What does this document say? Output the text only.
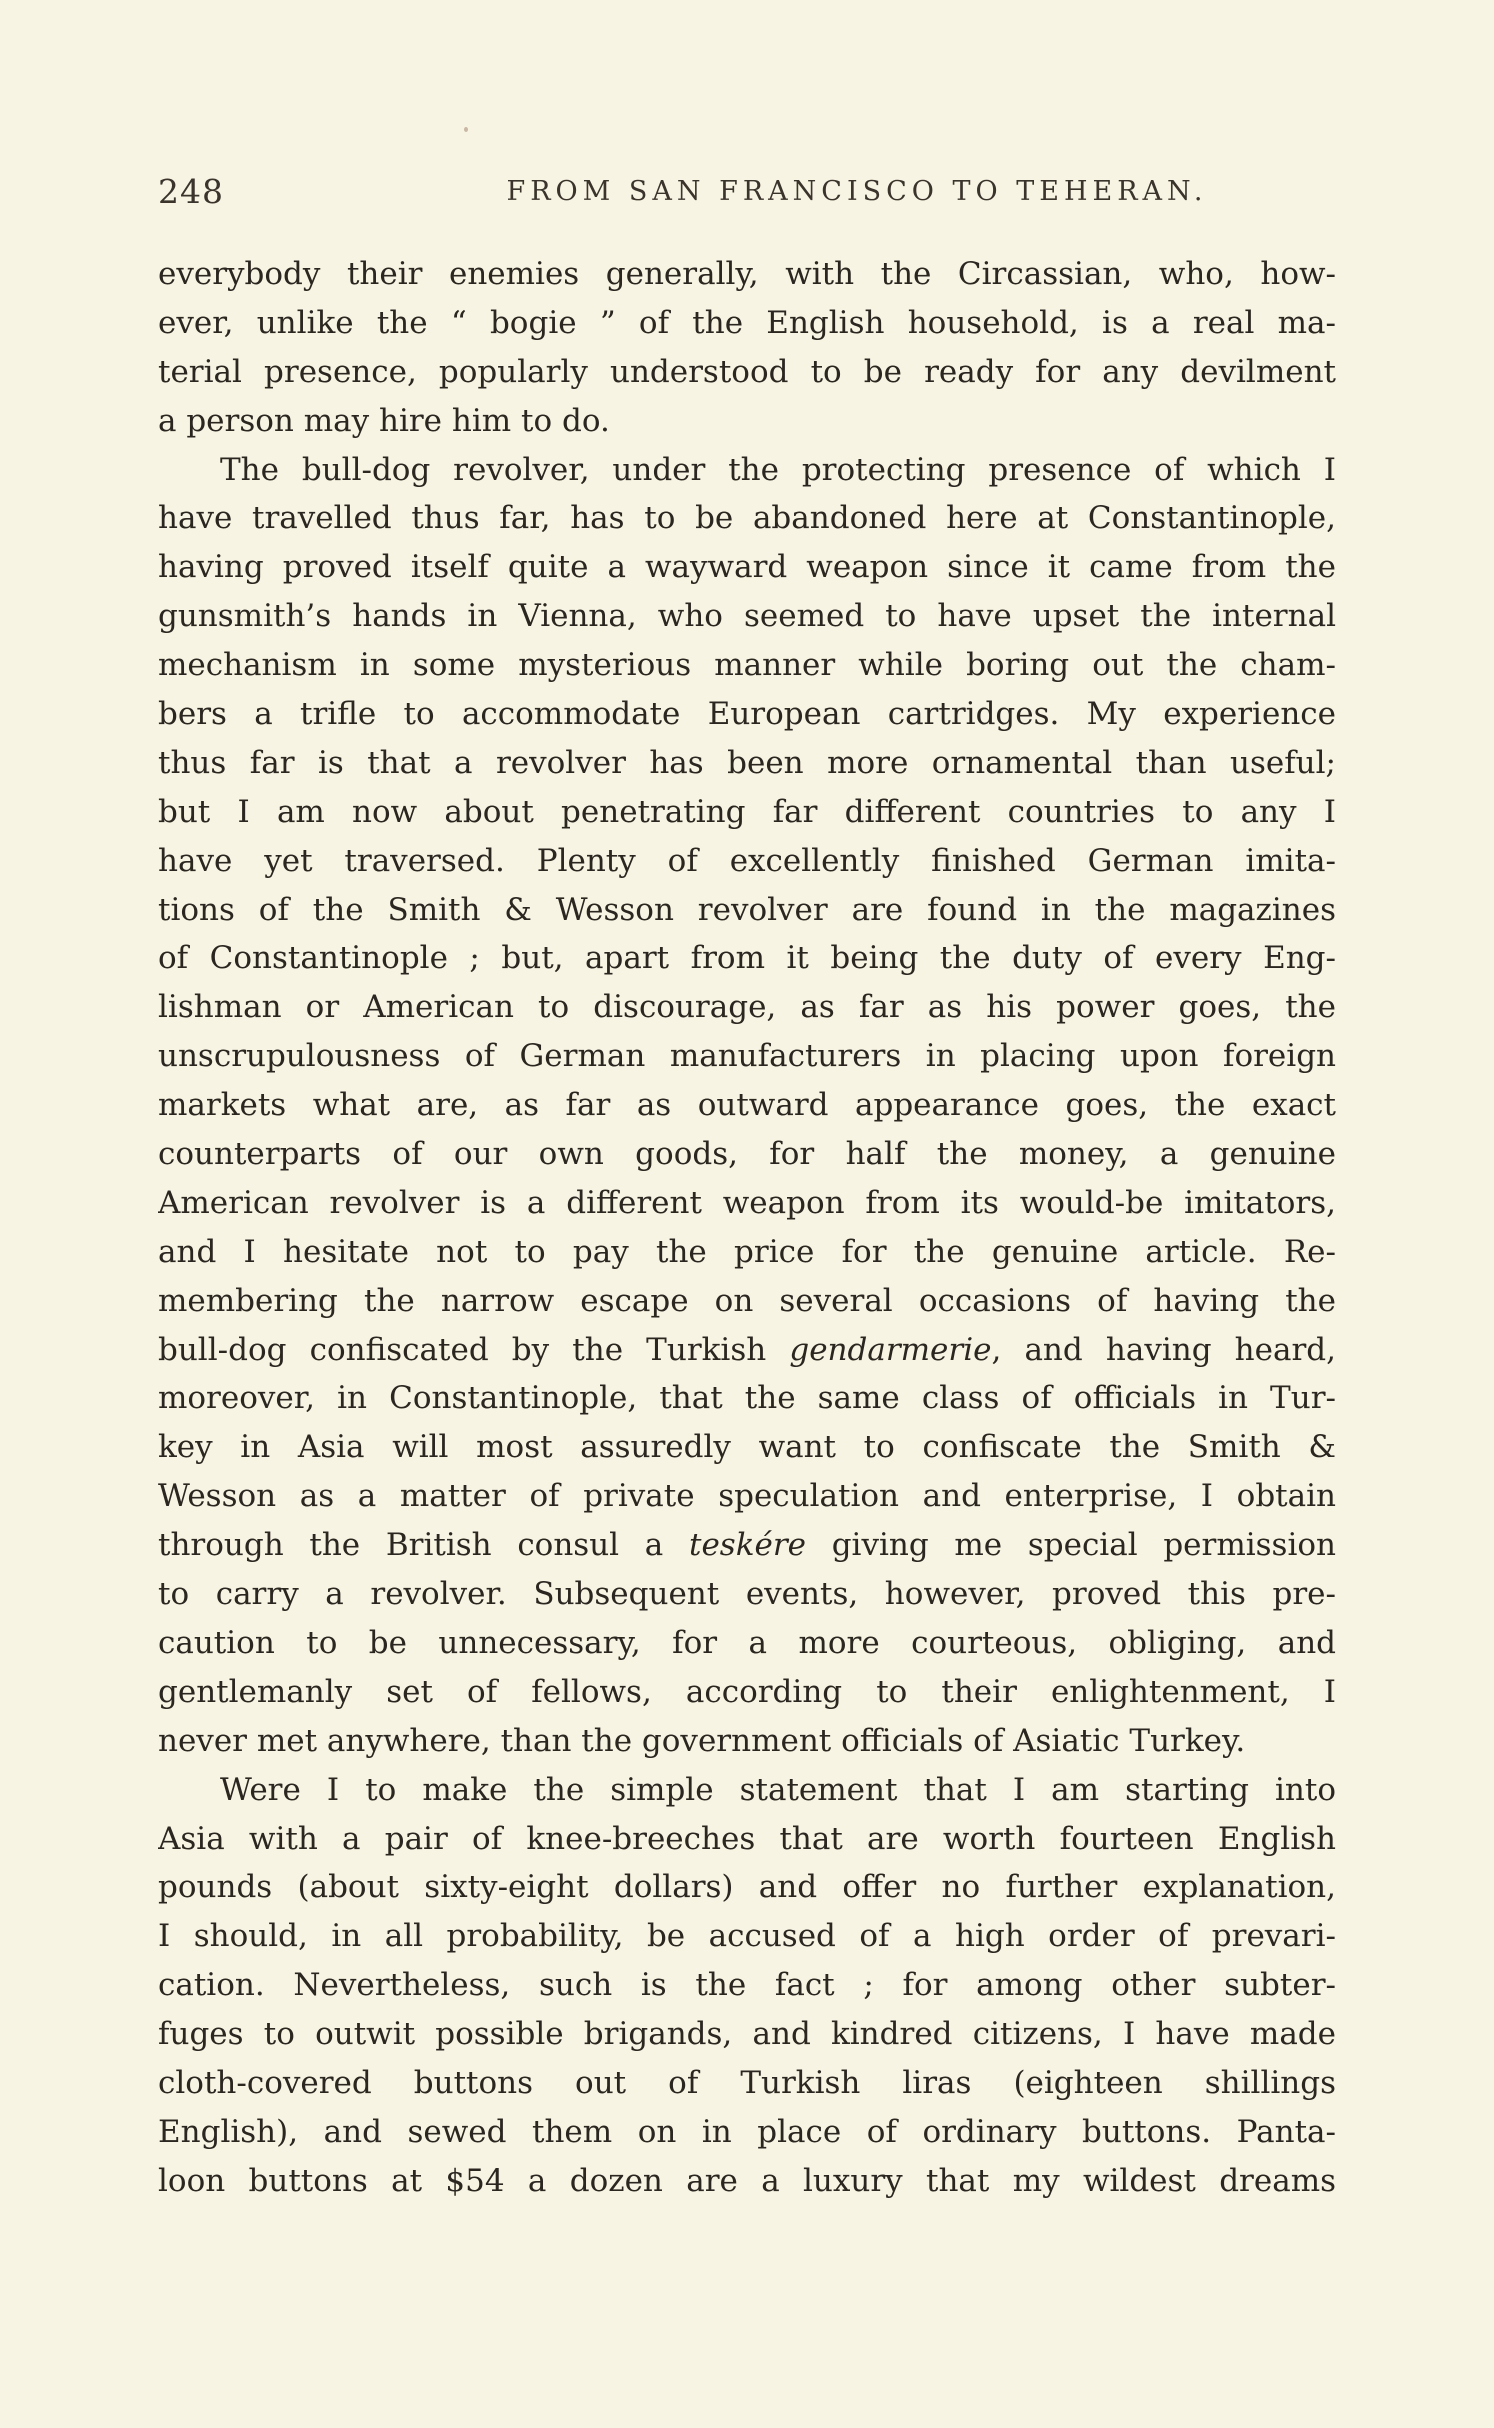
248	FROM SAN FRANCISCO TO TEHERAN.
everybody their enemies generally, with the Circassian, who, how-
ever, unlike the “ bogie ” of the English household, is a real ma-
terial presence, popularly understood to be ready for any devilment
a person may hire him to do.
The bull-dog revolver, under the protecting presence of which I
have travelled thus far, has to be abandoned here at Constantinople,
having proved itself quite a wayward weapon since it came from the
gunsmith’s hands in Vienna, who seemed to have upset the internal
mechanism in some mysterious manner while boring out the cham-
bers a trifle to accommodate European cartridges. My experience
thus far is that a revolver has been more ornamental than useful;
but I am now about penetrating far different countries to any I
have yet traversed. Plenty of excellently finished German imita-
tions of the Smith & Wesson revolver are found in the magazines
of Constantinople ; but, apart from it being the duty of every Eng-
lishman or American to discourage, as far as his power goes, the
unscrupulousness of German manufacturers in placing upon foreign
markets what are, as far as outward appearance goes, the exact
counterparts of our own goods, for half the money, a genuine
American revolver is a different weapon from its would-be imitators,
and I hesitate not to pay the price for the genuine article. Re-
membering the narrow escape on several occasions of having the
bull-dog confiscated by the Turkish gendarmerie, and having heard,
moreover, in Constantinople, that the same class of officials in Tur-
key in Asia will most assuredly want to confiscate the Smith &
Wesson as a matter of private speculation and enterprise, I obtain
through the British consul a teskére giving me special permission
to carry a revolver. Subsequent events, however, proved this pre-
caution to be unnecessary, for a more courteous, obliging, and
gentlemanly set of fellows, according to their enlightenment, I
never met anywhere, than the government officials of Asiatic Turkey.
Were I to make the simple statement that I am starting into
Asia with a pair of knee-breeches that are worth fourteen English
pounds (about sixty-eight dollars) and offer no further explanation,
I should, in all probability, be accused of a high order of prevari-
cation. Nevertheless, such is the fact ; for among other subter-
fuges to outwit possible brigands, and kindred citizens, I have made
cloth-covered buttons out of Turkish liras (eighteen shillings
English), and sewed them on in place of ordinary buttons. Panta-
loon buttons at $54 a dozen are a luxury that my wildest dreams
